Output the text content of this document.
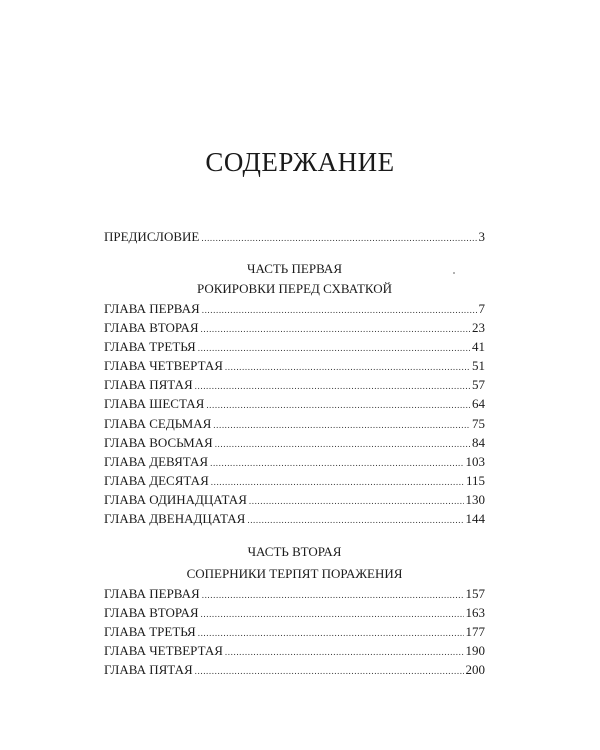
СОДЕРЖАНИЕ
ПРЕДИСЛОВИЕ .....	3
ЧАСТЬ ПЕРВАЯ
РОКИРОВКИ ПЕРЕД СХВАТКОЙ
ГЛАВА ПЕРВАЯ .....	7
ГЛАВА ВТОРАЯ .....	23
ГЛАВА ТРЕТЬЯ .....	41
ГЛАВА ЧЕТВЕРТАЯ .....	51
ГЛАВА ПЯТАЯ .....	57
ГЛАВА ШЕСТАЯ .....	64
ГЛАВА СЕДЬМАЯ .....	75
ГЛАВА ВОСЬМАЯ .....	84
ГЛАВА ДЕВЯТАЯ .....	103
ГЛАВА ДЕСЯТАЯ .....	115
ГЛАВА ОДИНАДЦАТАЯ .....	130
ГЛАВА ДВЕНАДЦАТАЯ .....	144
ЧАСТЬ ВТОРАЯ
СОПЕРНИКИ ТЕРПЯТ ПОРАЖЕНИЯ
ГЛАВА ПЕРВАЯ .....	157
ГЛАВА ВТОРАЯ .....	163
ГЛАВА ТРЕТЬЯ .....	177
ГЛАВА ЧЕТВЕРТАЯ .....	190
ГЛАВА ПЯТАЯ .....	200
